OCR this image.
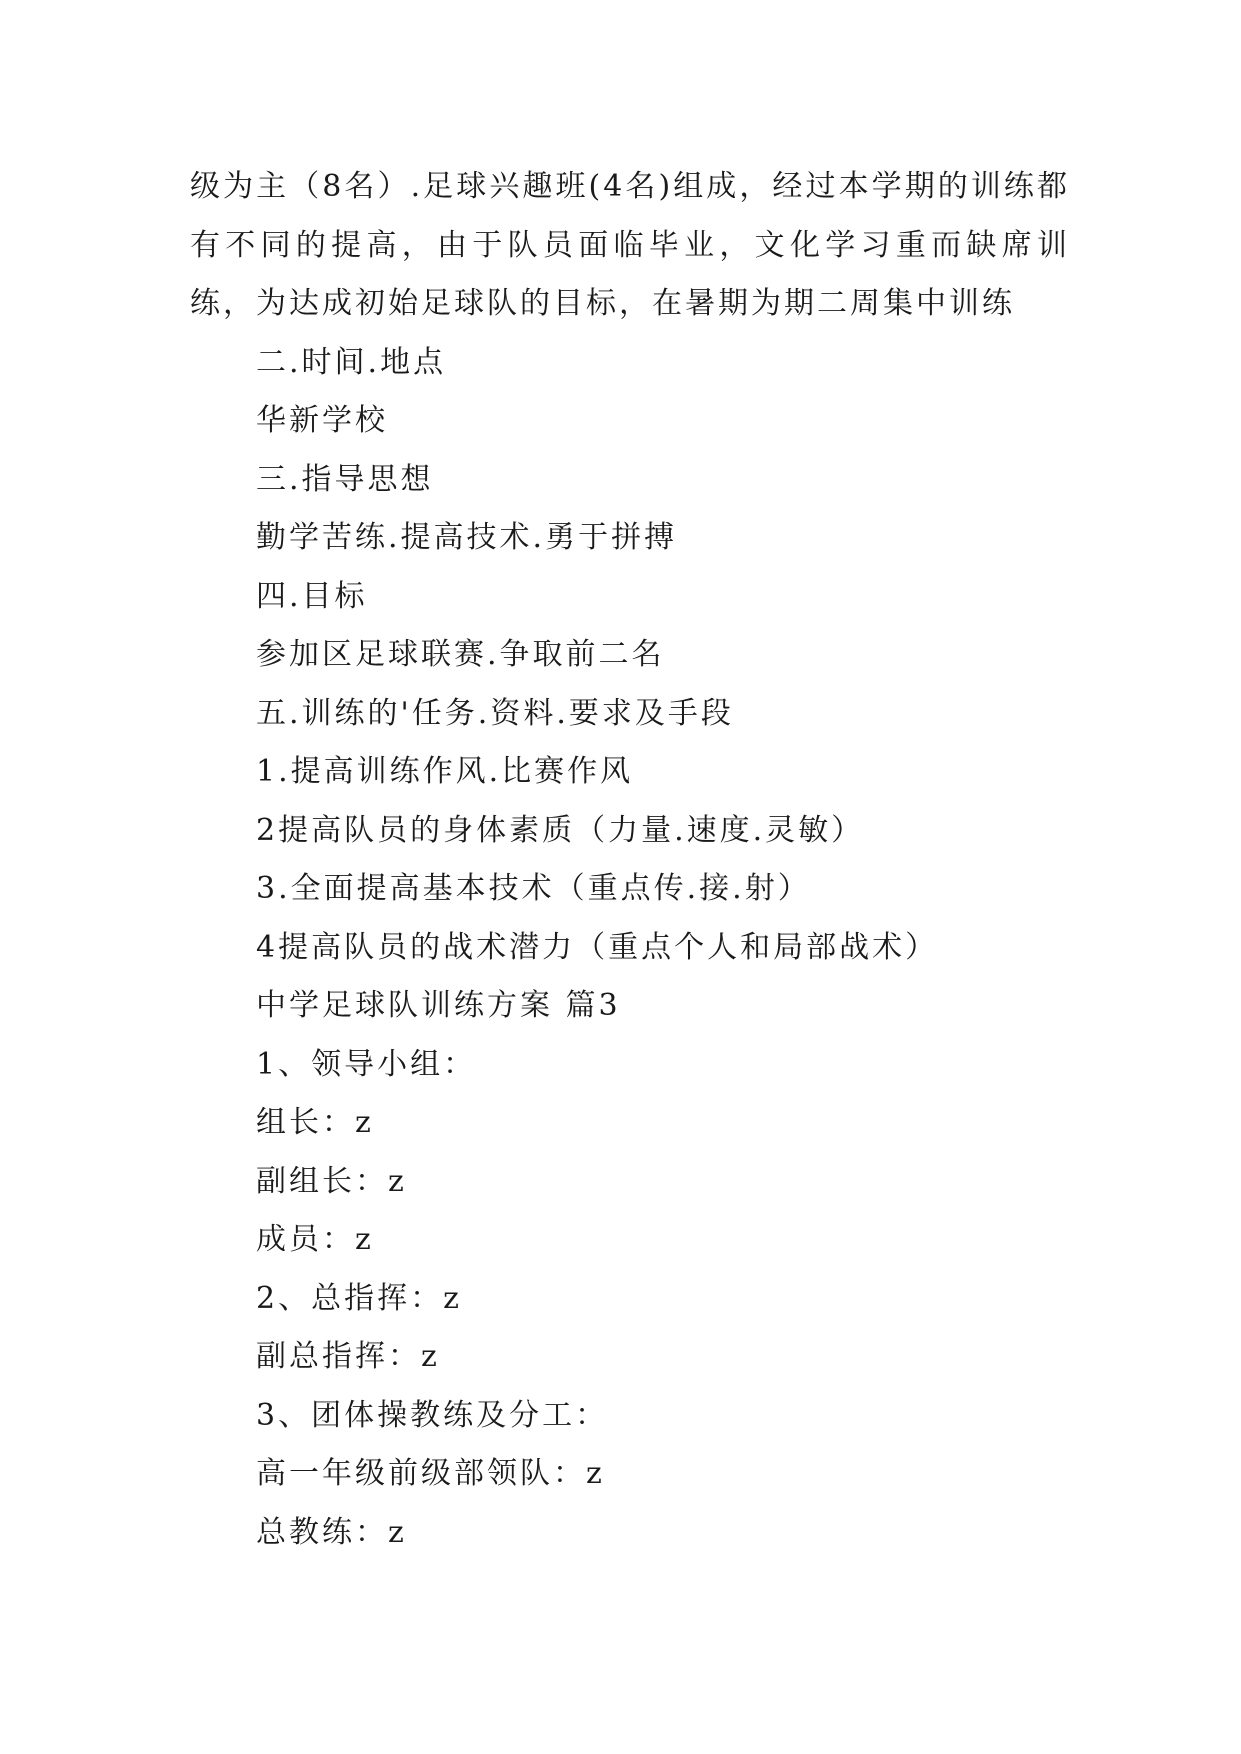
级为主（8名）.足球兴趣班(4名)组成，经过本学期的训练都有不同的提高，由于队员面临毕业，文化学习重而缺席训练，为达成初始足球队的目标，在暑期为期二周集中训练

二.时间.地点

华新学校

三.指导思想

勤学苦练.提高技术.勇于拼搏

四.目标

参加区足球联赛.争取前二名

五.训练的'任务.资料.要求及手段

1.提高训练作风.比赛作风

2提高队员的身体素质（力量.速度.灵敏）

3.全面提高基本技术（重点传.接.射）

4提高队员的战术潜力（重点个人和局部战术）

中学足球队训练方案 篇3

1、领导小组：

组长：z

副组长：z

成员：z

2、总指挥：z

副总指挥：z

3、团体操教练及分工：

高一年级前级部领队：z

总教练：z
